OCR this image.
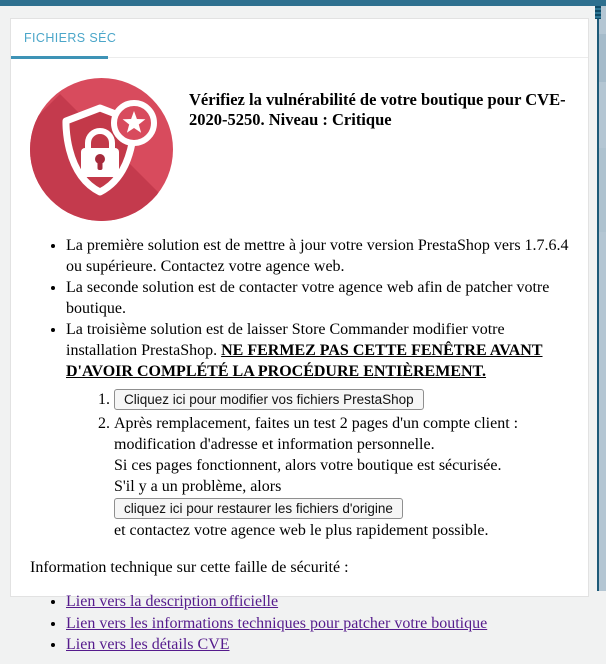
FICHIERS SÉC
Vérifiez la vulnérabilité de votre boutique pour CVE-2020-5250. Niveau : Critique
• La première solution est de mettre à jour votre version PrestaShop vers 1.7.6.4 ou supérieure. Contactez votre agence web.
• La seconde solution est de contacter votre agence web afin de patcher votre boutique.
• La troisième solution est de laisser Store Commander modifier votre installation PrestaShop. NE FERMEZ PAS CETTE FENÊTRE AVANT D'AVOIR COMPLÉTÉ LA PROCÉDURE ENTIÈREMENT.
1. Cliquez ici pour modifier vos fichiers PrestaShop
2. Après remplacement, faites un test 2 pages d'un compte client :
modification d'adresse et information personnelle.
Si ces pages fonctionnent, alors votre boutique est sécurisée.
S'il y a un problème, alors cliquez ici pour restaurer les fichiers d'origine
et contactez votre agence web le plus rapidement possible.

Information technique sur cette faille de sécurité :

• Lien vers la description officielle
• Lien vers les informations techniques pour patcher votre boutique
• Lien vers les détails CVE
